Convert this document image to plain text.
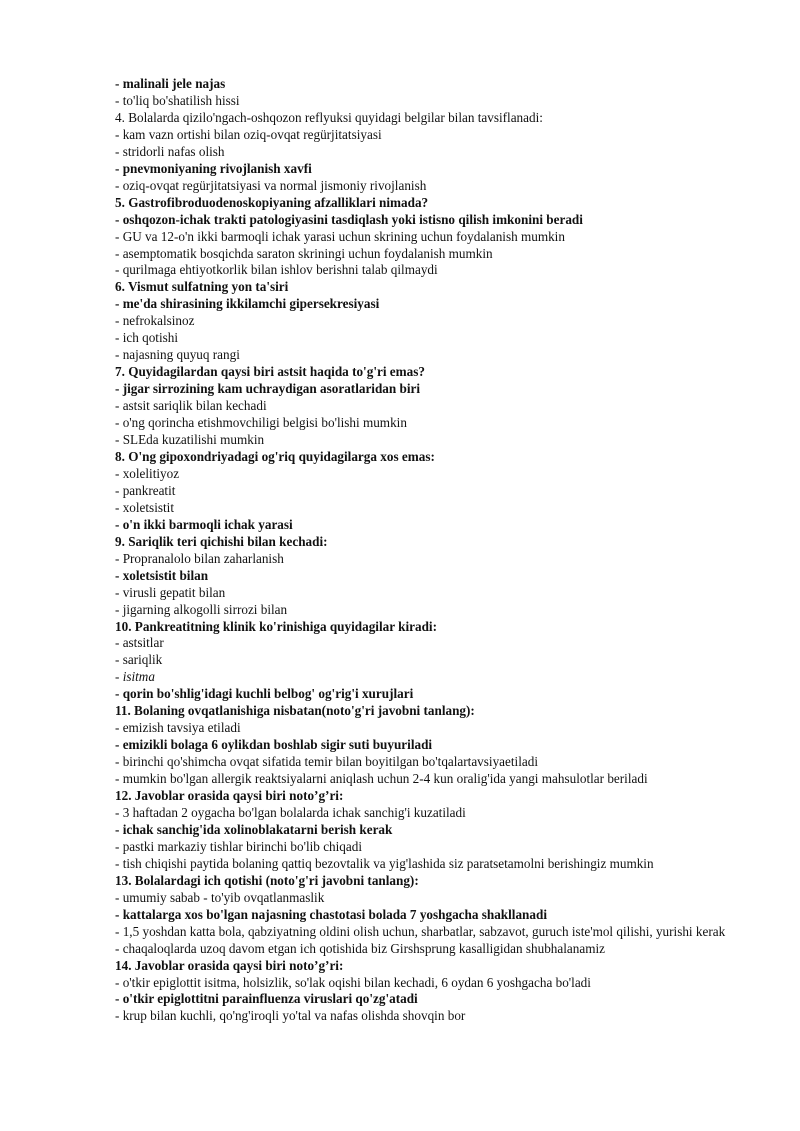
- malinali jele najas

- to'liq bo'shatilish hissi

4. Bolalarda qizilo'ngach-oshqozon reflyuksi quyidagi belgilar bilan tavsiflanadi:

- kam vazn ortishi bilan oziq-ovqat regürjitatsiyasi

- stridorli nafas olish

- pnevmoniyaning rivojlanish xavfi

- oziq-ovqat regürjitatsiyasi va normal jismoniy rivojlanish

5. Gastrofibroduodenoskopiyaning afzalliklari nimada?

- oshqozon-ichak trakti patologiyasini tasdiqlash yoki istisno qilish imkonini beradi

- GU va 12-o'n ikki barmoqli ichak yarasi uchun skrining uchun foydalanish mumkin

- asemptomatik bosqichda saraton skriningi uchun foydalanish mumkin

- qurilmaga ehtiyotkorlik bilan ishlov berishni talab qilmaydi

6. Vismut sulfatning yon ta'siri

- me'da shirasining ikkilamchi gipersekresiyasi

- nefrokalsinoz

- ich qotishi

- najasning quyuq rangi

7. Quyidagilardan qaysi biri astsit haqida to'g'ri emas?

- jigar sirrozining kam uchraydigan asoratlaridan biri

- astsit sariqlik bilan kechadi

- o'ng qorincha etishmovchiligi belgisi bo'lishi mumkin

- SLEda kuzatilishi mumkin

8. O'ng gipoxondriyadagi og'riq quyidagilarga xos emas:

- xolelitiyoz

- pankreatit

- xoletsistit

- o'n ikki barmoqli ichak yarasi

9. Sariqlik teri qichishi bilan kechadi:

- Propranalolo bilan zaharlanish

- xoletsistit bilan

- virusli gepatit bilan

- jigarning alkogolli sirrozi bilan

10. Pankreatitning klinik ko'rinishiga quyidagilar kiradi:

- astsitlar

- sariqlik

- isitma

- qorin bo'shlig'idagi kuchli belbog' og'rig'i xurujlari

11. Bolaning ovqatlanishiga nisbatan(noto'g'ri javobni tanlang):

- emizish tavsiya etiladi

- emizikli bolaga 6 oylikdan boshlab sigir suti buyuriladi

- birinchi qo'shimcha ovqat sifatida temir bilan boyitilgan bo'tqalartavsiyaetiladi

- mumkin bo'lgan allergik reaktsiyalarni aniqlash uchun 2-4 kun oralig'ida yangi mahsulotlar beriladi

12. Javoblar orasida qaysi biri noto’g’ri:

- 3 haftadan 2 oygacha bo'lgan bolalarda ichak sanchig'i kuzatiladi

- ichak sanchig'ida xolinoblakatarni berish kerak

- pastki markaziy tishlar birinchi bo'lib chiqadi

- tish chiqishi paytida bolaning qattiq bezovtalik va yig'lashida siz paratsetamolni berishingiz mumkin

13. Bolalardagi ich qotishi (noto'g'ri javobni tanlang):

- umumiy sabab - to'yib ovqatlanmaslik

- kattalarga xos bo'lgan najasning chastotasi bolada 7 yoshgacha shakllanadi

- 1,5 yoshdan katta bola, qabziyatning oldini olish uchun, sharbatlar, sabzavot, guruch iste'mol qilishi, yurishi kerak

- chaqaloqlarda uzoq davom etgan ich qotishida biz Girshsprung kasalligidan shubhalanamiz

14. Javoblar orasida qaysi biri noto’g’ri:

- o'tkir epiglottit isitma, holsizlik, so'lak oqishi bilan kechadi, 6 oydan 6 yoshgacha bo'ladi

- o'tkir epiglottitni parainfluenza viruslari qo'zg'atadi

- krup bilan kuchli, qo'ng'iroqli yo'tal va nafas olishda shovqin bor
